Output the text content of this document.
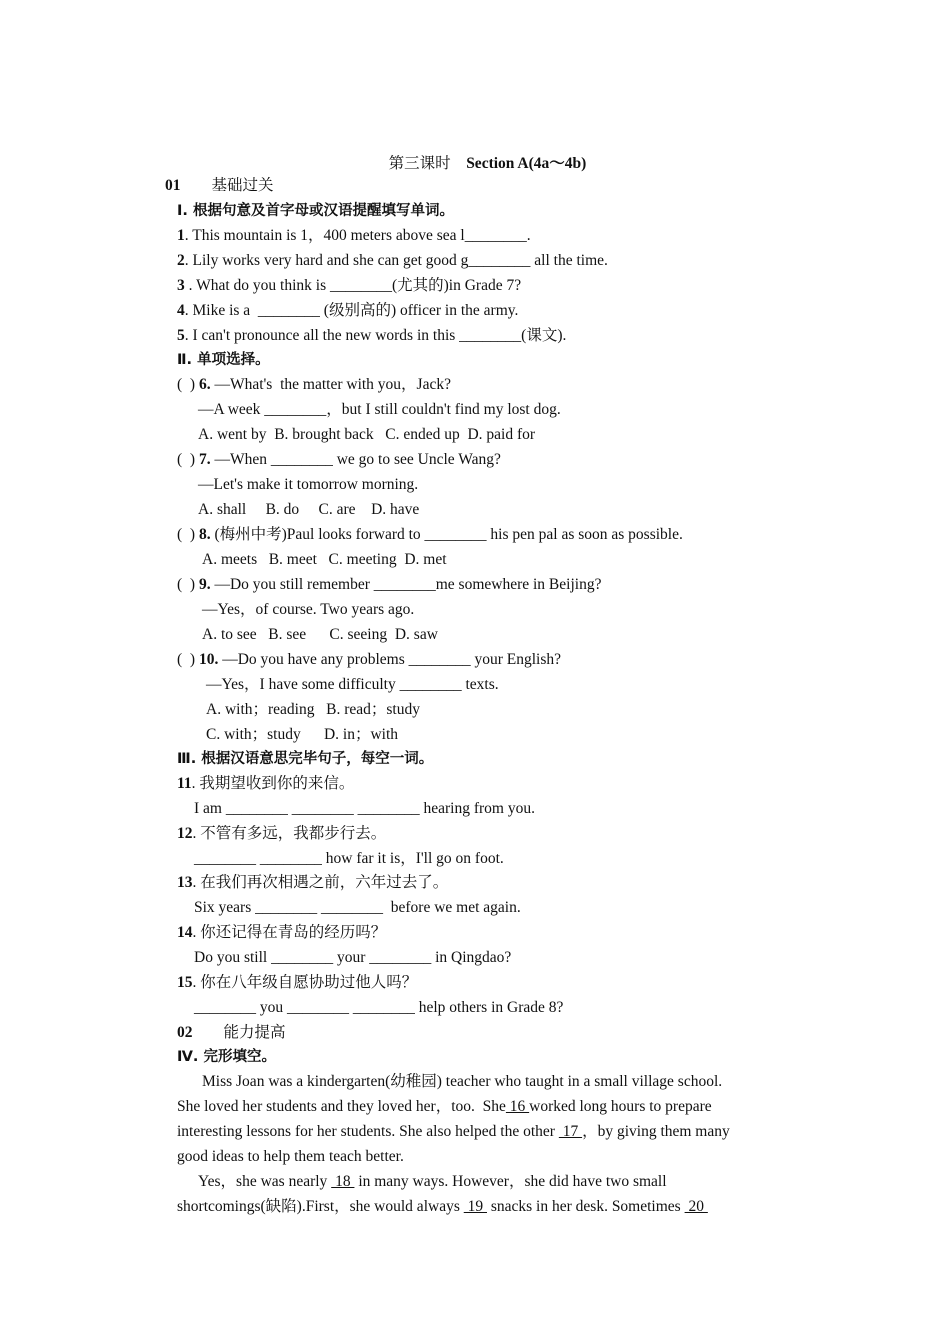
第三课时 Section A(4a～4b)
01 基础过关
Ⅰ. 根据句意及首字母或汉语提醒填写单词。
1. This mountain is 1，400 meters above sea l________.
2. Lily works very hard and she can get good g________ all the time.
3 . What do you think is ________(尤其的)in Grade 7?
4. Mike is a  ________ (级别高的) officer in the army.
5. I can't pronounce all the new words in this ________(课文).
Ⅱ. 单项选择。
(  ) 6. —What's  the matter with you，Jack?
—A week ________，but I still couldn't find my lost dog.
A. went by  B. brought back   C. ended up  D. paid for
(  ) 7. —When ________ we go to see Uncle Wang?
—Let's make it tomorrow morning.
A. shall     B. do     C. are    D. have
(  ) 8. (梅州中考)Paul looks forward to ________ his pen pal as soon as possible.
A. meets   B. meet   C. meeting  D. met
(  ) 9. —Do you still remember ________me somewhere in Beijing?
—Yes，of course. Two years ago.
A. to see   B. see      C. seeing  D. saw
(  ) 10. —Do you have any problems ________ your English?
—Yes，I have some difficulty ________ texts.
A. with；reading   B. read；study
C. with；study      D. in；with
Ⅲ. 根据汉语意思完毕句子，每空一词。
11. 我期望收到你的来信。
I am ________ ________ ________ hearing from you.
12. 不管有多远，我都步行去。
________ ________ how far it is，I'll go on foot.
13. 在我们再次相遇之前，六年过去了。
Six years ________ ________  before we met again.
14. 你还记得在青岛的经历吗？
Do you still ________ your ________ in Qingdao?
15. 你在八年级自愿协助过他人吗？
________ you ________ ________ help others in Grade 8?
02 能力提高
Ⅳ. 完形填空。
Miss Joan was a kindergarten(幼稚园) teacher who taught in a small village school.
She loved her students and they loved her，too.  She 16 worked long hours to prepare
interesting lessons for her students. She also helped the other  17 ，by giving them many
good ideas to help them teach better.
Yes，she was nearly  18  in many ways. However，she did have two small
shortcomings(缺陷).First，she would always  19  snacks in her desk. Sometimes  20
